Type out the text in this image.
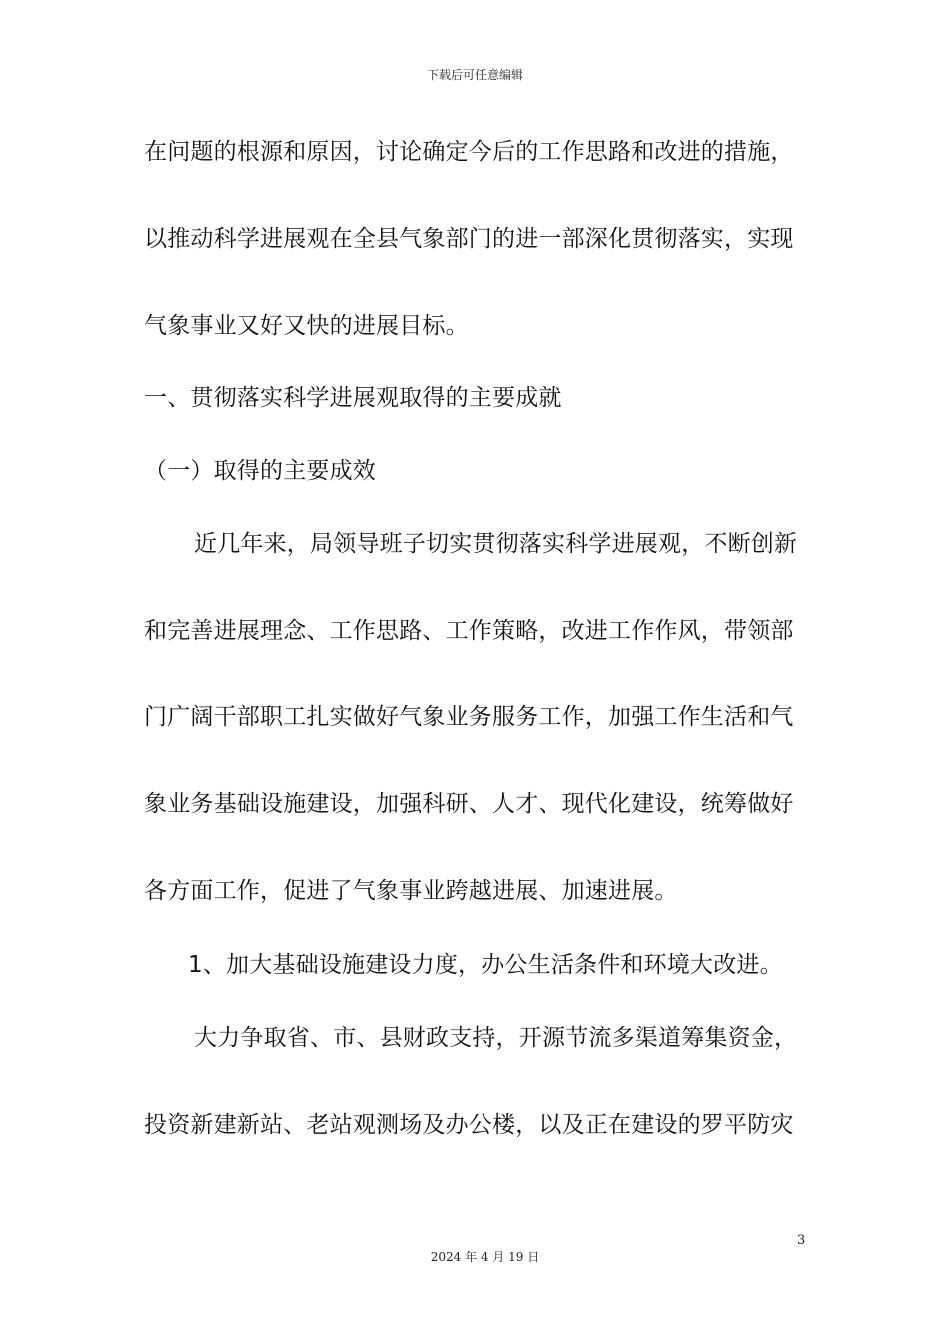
下载后可任意编辑
在问题的根源和原因，讨论确定今后的工作思路和改进的措施，
以推动科学进展观在全县气象部门的进一部深化贯彻落实，实现
气象事业又好又快的进展目标。
一、贯彻落实科学进展观取得的主要成就
（一）取得的主要成效
近几年来，局领导班子切实贯彻落实科学进展观，不断创新
和完善进展理念、工作思路、工作策略，改进工作作风，带领部
门广阔干部职工扎实做好气象业务服务工作，加强工作生活和气
象业务基础设施建设，加强科研、人才、现代化建设，统筹做好
各方面工作，促进了气象事业跨越进展、加速进展。
1、加大基础设施建设力度，办公生活条件和环境大改进。
大力争取省、市、县财政支持，开源节流多渠道筹集资金，
投资新建新站、老站观测场及办公楼，以及正在建设的罗平防灾
3
2024 年 4 月 19 日
